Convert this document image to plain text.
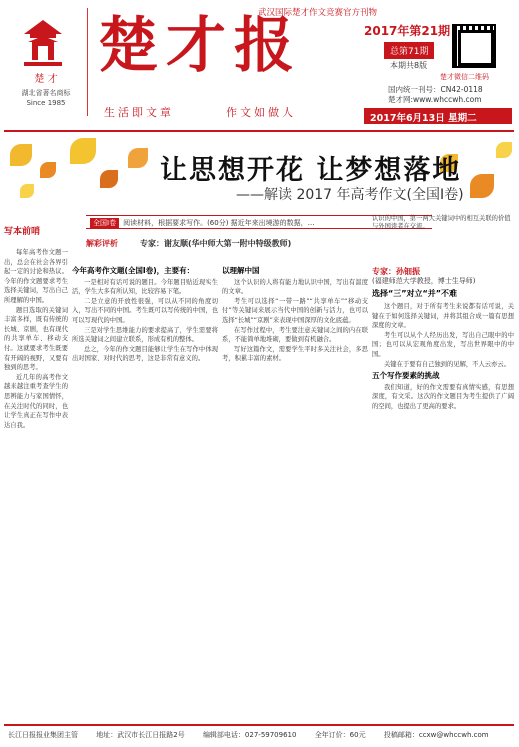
楚 才
湖北省著名商标
Since 1985
楚才报
生活即文章	作文如做人
武汉国际楚才作文竞赛官方刊物
2017年第21期
总第71期
本期共8版
楚才微信二维码
国内统一刊号：CN42-0118
楚才网:www.whccwh.com
2017年6月13日 星期二
让思想开花 让梦想落地
——解读 2017 年高考作文(全国Ⅰ卷)
写本前哨
全国Ⅰ卷 阅读材料，根据要求写作。(60分) 据近年来出境游的数据，…
解彩评析	专家：谢友顺(华中师大第一附中特级教师)

每年高考作文题一出，总会在社会各界引起一定的讨论和热议。今年的作文题要求考生选择关键词，写出自己所理解的中国。

题目选取的关键词丰富多样，既有传统的长城、京剧，也有现代的共享单车、移动支付。这就要求考生既要有开阔的视野，又要有独到的思考。

近几年的高考作文越来越注重考查学生的思辨能力与家国情怀，在关注时代的同时，也让学生真正在写作中表达自我。

今年高考作文题(全国Ⅰ卷)，主要有：

一是相对有话可说的题目。今年题目贴近现实生活，学生大多有所认知，比较容易下笔。

二是立意的开放性很强，可以从不同的角度切入，写出不同的中国。考生既可以写传统的中国，也可以写现代的中国。

三是对学生思维能力的要求提高了，学生需要将所选关键词之间建立联系，形成有机的整体。

总之，今年的作文题目能够让学生在写作中体现出对国家、对时代的思考，这是非常有意义的。

以理解中国

这个认识的人将有能力地认识中国，写出有温度的文章。

考生可以选择“一带一路”“共享单车”“移动支付”等关键词来展示当代中国的创新与活力，也可以选择“长城”“京剧”来表现中国深厚的文化底蕴。

在写作过程中，考生要注意关键词之间的内在联系，不能简单地堆砌，要做到有机融合。

写好这篇作文，需要学生平时多关注社会，多思考，积累丰富的素材。

认识的中国，第一两大关键词中的相互关联的价值与外国读者在交流。
专家：孙钿振
(福建师范大学教授，博士生导师)
选择“三”对立“并”不难

这个题目，对于所有考生来说都有话可说，关键在于如何选择关键词，并将其组合成一篇有思想深度的文章。

考生可以从个人经历出发，写出自己眼中的中国；也可以从宏观角度出发，写出世界眼中的中国。

关键在于要有自己独到的见解，不人云亦云。

五个写作要素的挑战

我们知道，好的作文需要有真情实感，有思想深度，有文采。这次的作文题目为考生提供了广阔的空间，也提出了更高的要求。

长江日报报业集团主管	地址：武汉市长江日报路2号	编辑部电话：027-59709610	全年订价：60元	投稿邮箱：ccxw@whccwh.com
